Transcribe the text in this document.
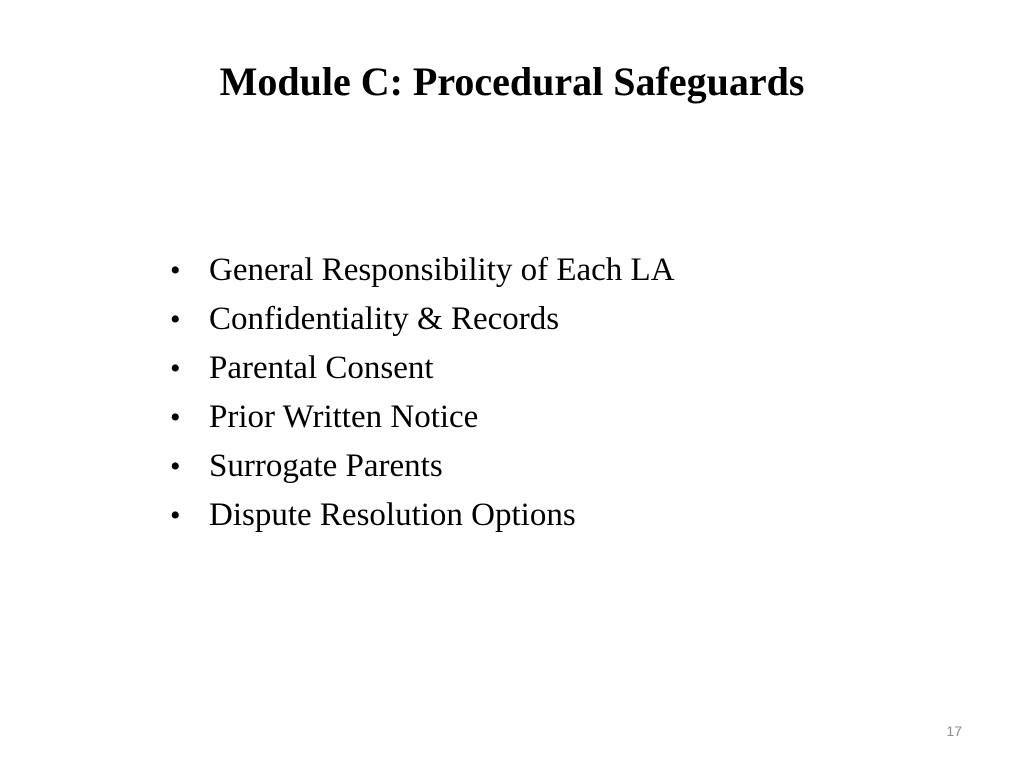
Module C: Procedural Safeguards
• General Responsibility of Each LA
• Confidentiality & Records
• Parental Consent
• Prior Written Notice
• Surrogate Parents
• Dispute Resolution Options
17
